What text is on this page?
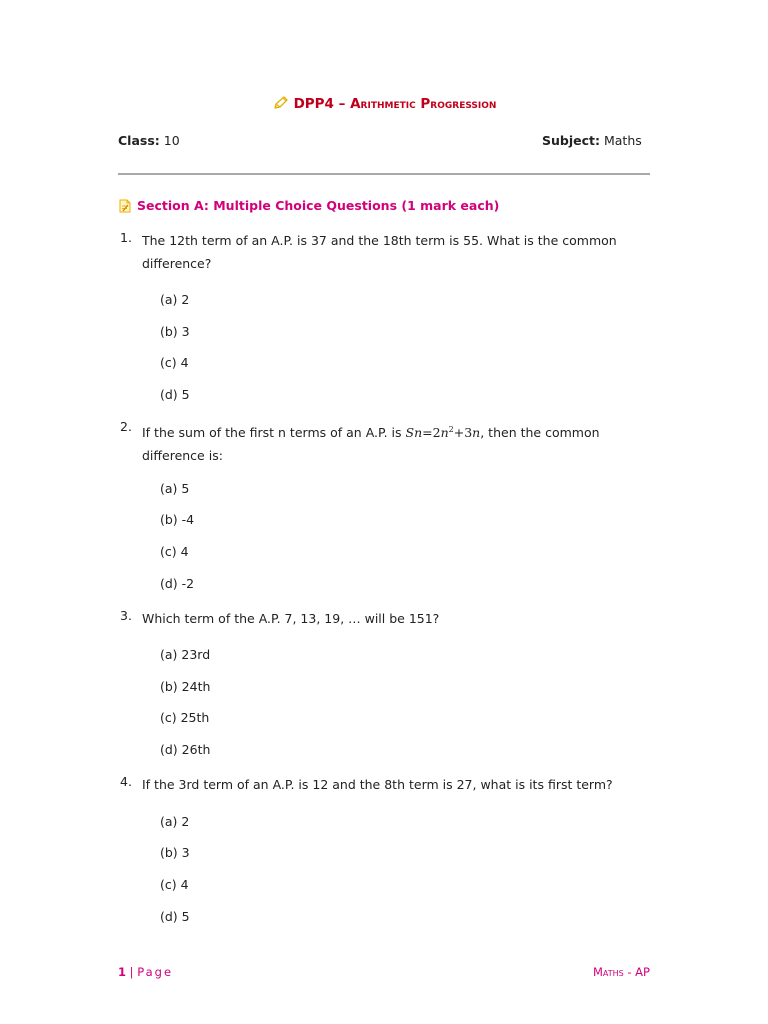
DPP4 – Arithmetic Progression
Class: 10	Subject: Maths
Section A: Multiple Choice Questions (1 mark each)
1. The 12th term of an A.P. is 37 and the 18th term is 55. What is the common difference?
(a) 2
(b) 3
(c) 4
(d) 5
2. If the sum of the first n terms of an A.P. is $Sn=2n^2+3n$, then the common difference is:
(a) 5
(b) -4
(c) 4
(d) -2
3. Which term of the A.P. 7, 13, 19, … will be 151?
(a) 23rd
(b) 24th
(c) 25th
(d) 26th
4. If the 3rd term of an A.P. is 12 and the 8th term is 27, what is its first term?
(a) 2
(b) 3
(c) 4
(d) 5
1 | Page	Maths - AP
